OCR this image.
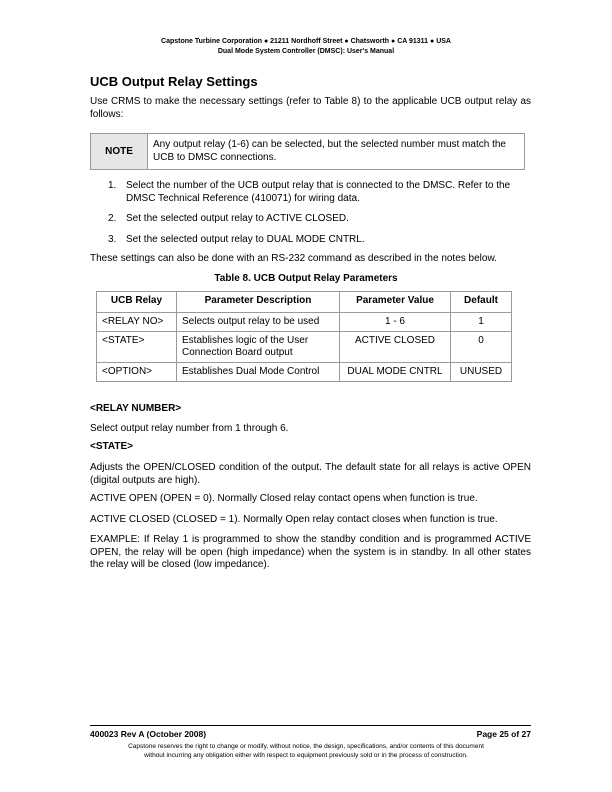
Capstone Turbine Corporation ● 21211 Nordhoff Street ● Chatsworth ● CA 91311 ● USA
Dual Mode System Controller (DMSC): User's Manual
UCB Output Relay Settings
Use CRMS to make the necessary settings (refer to Table 8) to the applicable UCB output relay as follows:
NOTE
Any output relay (1-6) can be selected, but the selected number must match the UCB to DMSC connections.
1. Select the number of the UCB output relay that is connected to the DMSC. Refer to the DMSC Technical Reference (410071) for wiring data.
2. Set the selected output relay to ACTIVE CLOSED.
3. Set the selected output relay to DUAL MODE CNTRL.
These settings can also be done with an RS-232 command as described in the notes below.
Table 8. UCB Output Relay Parameters
UCB Relay	Parameter Description	Parameter Value	Default
<RELAY NO>	Selects output relay to be used	1 - 6	1
<STATE>	Establishes logic of the User Connection Board output	ACTIVE CLOSED	0
<OPTION>	Establishes Dual Mode Control	DUAL MODE CNTRL	UNUSED
<RELAY NUMBER>
Select output relay number from 1 through 6.
<STATE>
Adjusts the OPEN/CLOSED condition of the output. The default state for all relays is active OPEN (digital outputs are high).
ACTIVE OPEN (OPEN = 0). Normally Closed relay contact opens when function is true.
ACTIVE CLOSED (CLOSED = 1). Normally Open relay contact closes when function is true.
EXAMPLE: If Relay 1 is programmed to show the standby condition and is programmed ACTIVE OPEN, the relay will be open (high impedance) when the system is in standby. In all other states the relay will be closed (low impedance).
400023 Rev A (October 2008)	Page 25 of 27
Capstone reserves the right to change or modify, without notice, the design, specifications, and/or contents of this document
without incurring any obligation either with respect to equipment previously sold or in the process of construction.
